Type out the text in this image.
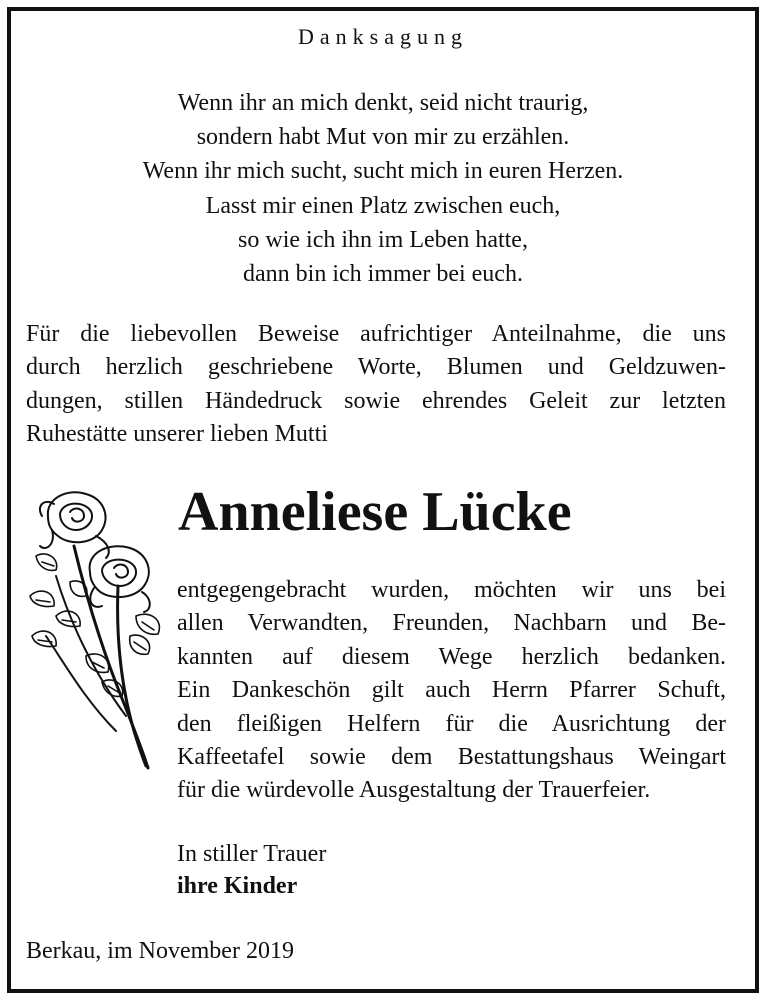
Danksagung
Wenn ihr an mich denkt, seid nicht traurig,
sondern habt Mut von mir zu erzählen.
Wenn ihr mich sucht, sucht mich in euren Herzen.
Lasst mir einen Platz zwischen euch,
so wie ich ihn im Leben hatte,
dann bin ich immer bei euch.
Für die liebevollen Beweise aufrichtiger Anteilnahme, die uns
durch herzlich geschriebene Worte, Blumen und Geldzuwen-
dungen, stillen Händedruck sowie ehrendes Geleit zur letzten
Ruhestätte unserer lieben Mutti
Anneliese Lücke
entgegengebracht wurden, möchten wir uns bei
allen Verwandten, Freunden, Nachbarn und Be-
kannten auf diesem Wege herzlich bedanken.
Ein Dankeschön gilt auch Herrn Pfarrer Schuft,
den fleißigen Helfern für die Ausrichtung der
Kaffeetafel sowie dem Bestattungshaus Weingart
für die würdevolle Ausgestaltung der Trauerfeier.
In stiller Trauer
ihre Kinder
Berkau, im November 2019
